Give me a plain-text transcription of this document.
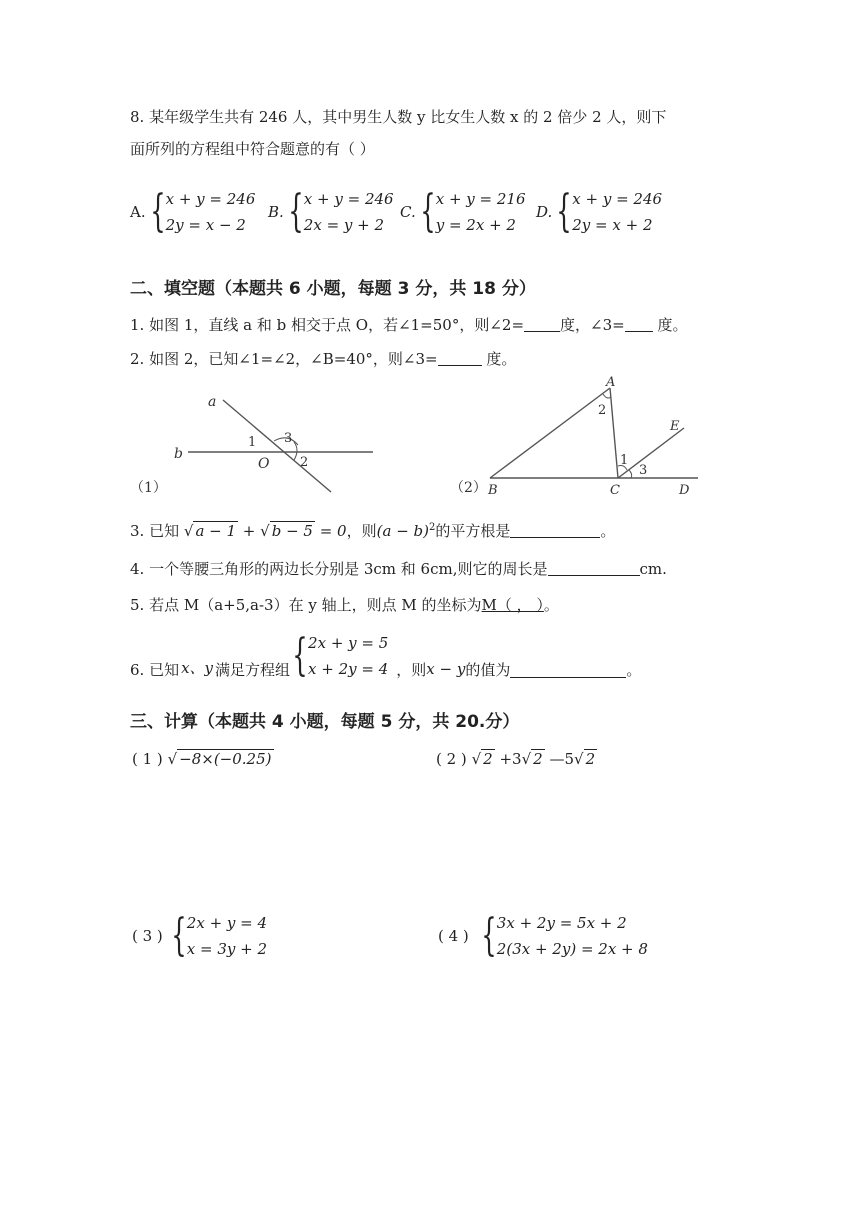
8. 某年级学生共有 246 人，其中男生人数 y 比女生人数 x 的 2 倍少 2 人，则下
面所列的方程组中符合题意的有（ ）
A. { x + y = 246
2y = x − 2
B. { x + y = 246
2x = y + 2
C. { x + y = 216
y = 2x + 2
D. { x + y = 246
2y = x + 2
二、填空题（本题共 6 小题，每题 3 分，共 18 分）
1. 如图 1，直线 a 和 b 相交于点 O，若∠1=50°，则∠2= 度，∠3= 度。
2. 如图 2，已知∠1=∠2，∠B=40°，则∠3=	度。
a
b
O
1 3
2
（1）
A
2
E
1
3
B	C	D
（2）
3. 已知 √ a − 1 + √ b − 5 = 0，则$(a - b)^2$的平方根是	。
4. 一个等腰三角形的两边长分别是 3cm 和 6cm,则它的周长是	cm.
5. 若点 M（a+5,a-3）在 y 轴上，则点 M 的坐标为M（ ， ）。
6. 已知 x、y 满足方程组 { 2x + y = 5
x + 2y = 4 ，则 x − y 的值为	。
三、计算（本题共 4 小题，每题 5 分，共 20.分）
( 1 ) √ −8×(−0.25)	( 2 ) √ 2 +3√ 2 —5√ 2
( 3 ) { 2x + y = 4
x = 3y + 2
( 4 ) { 3x + 2y = 5x + 2
2(3x + 2y) = 2x + 8
